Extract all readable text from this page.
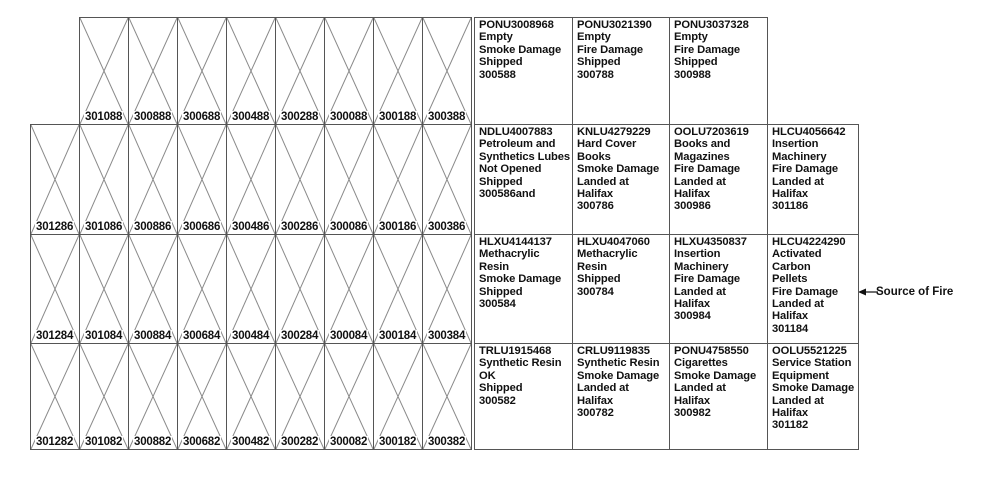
Source of Fire
301088 300888 300688 300488 300288 300088 300188 300388
301286 301086 300886 300686 300486 300286 300086 300186 300386
301284 301084 300884 300684 300484 300284 300084 300184 300384
301282 301082 300882 300682 300482 300282 300082 300182 300382
PONU3008968
Empty
Smoke Damage
Shipped
300588
PONU3021390
Empty
Fire Damage
Shipped
300788
PONU3037328
Empty
Fire Damage
Shipped
300988
NDLU4007883
Petroleum and
Synthetics Lubes
Not Opened
Shipped
300586and
KNLU4279229
Hard Cover
Books
Smoke Damage
Landed at
Halifax
300786
OOLU7203619
Books and
Magazines
Fire Damage
Landed at
Halifax
300986
HLCU4056642
Insertion
Machinery
Fire Damage
Landed at
Halifax
301186
HLXU4144137
Methacrylic
Resin
Smoke Damage
Shipped
300584
HLXU4047060
Methacrylic
Resin
Shipped
300784
HLXU4350837
Insertion
Machinery
Fire Damage
Landed at
Halifax
300984
HLCU4224290
Activated
Carbon
Pellets
Fire Damage
Landed at
Halifax
301184
TRLU1915468
Synthetic Resin
OK
Shipped
300582
CRLU9119835
Synthetic Resin
Smoke Damage
Landed at
Halifax
300782
PONU4758550
Cigarettes
Smoke Damage
Landed at
Halifax
300982
OOLU5521225
Service Station
Equipment
Smoke Damage
Landed at
Halifax
301182
